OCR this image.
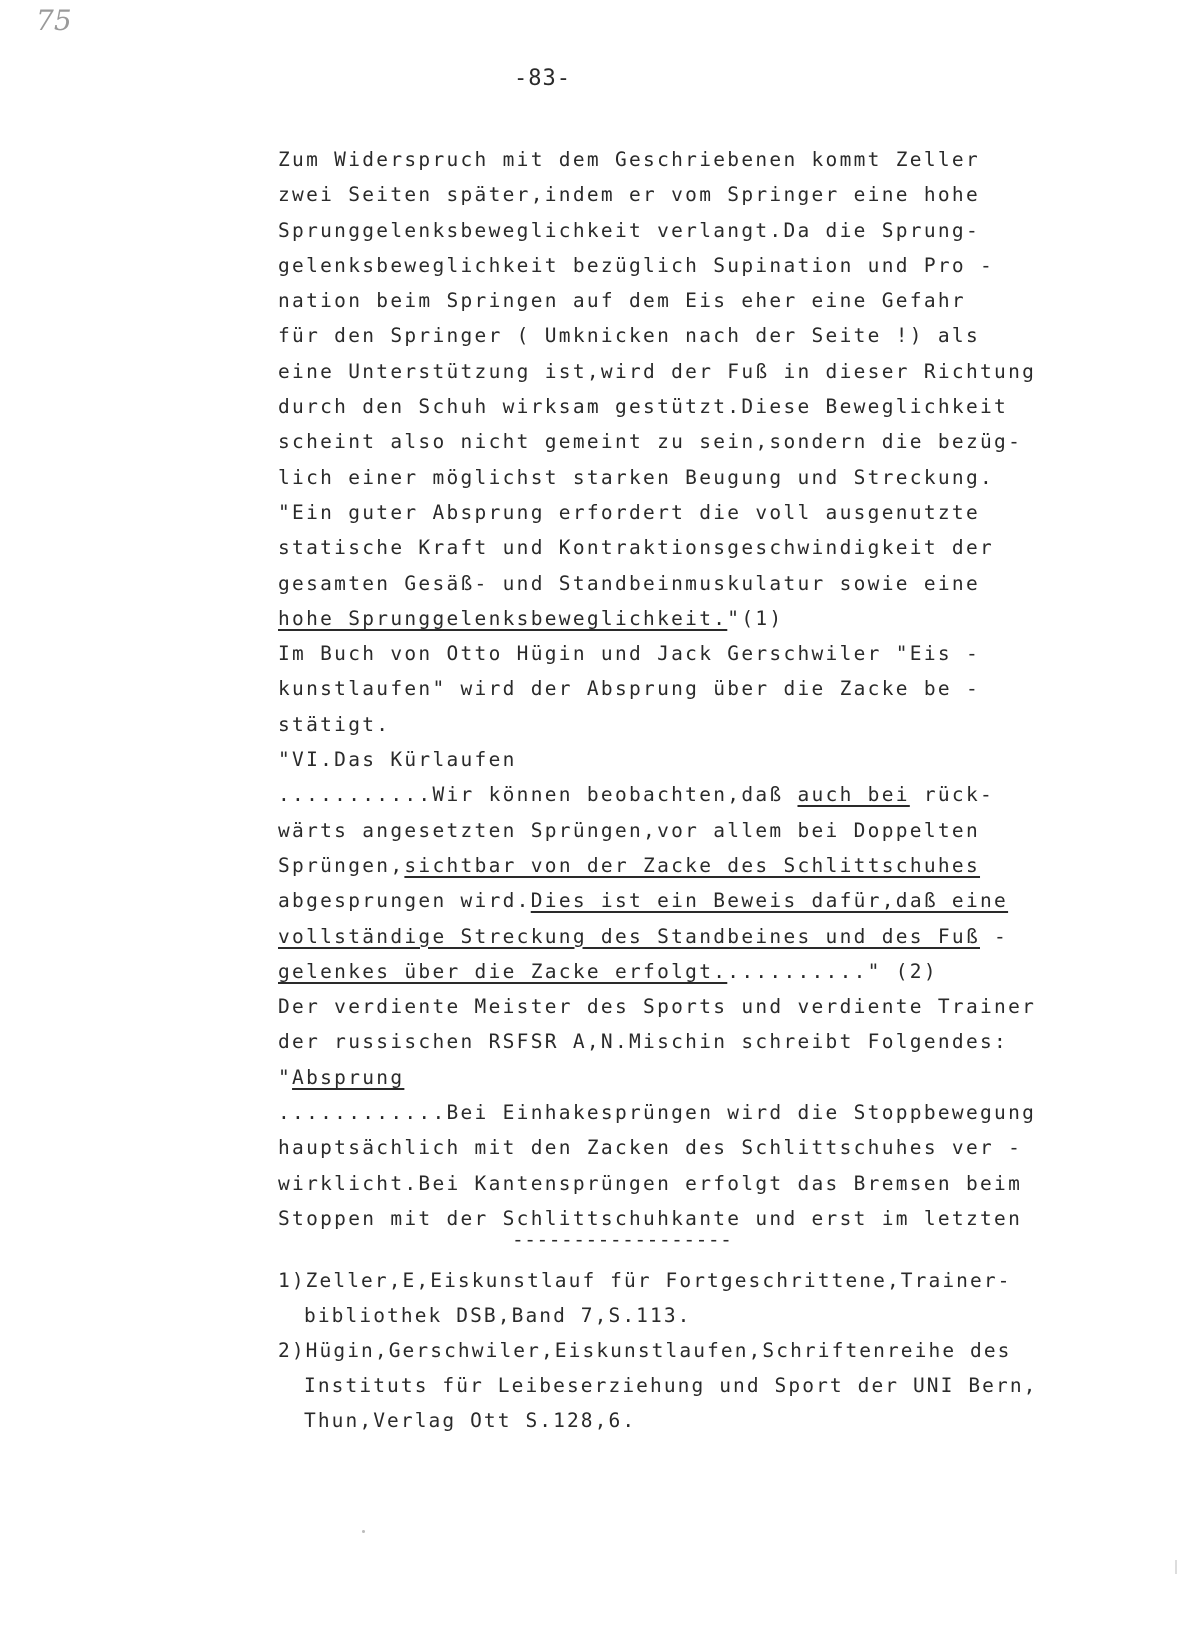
75
-83-
Zum Widerspruch mit dem Geschriebenen kommt Zeller
zwei Seiten später,indem er vom Springer eine hohe
Sprunggelenksbeweglichkeit verlangt.Da die Sprung-
gelenksbeweglichkeit bezüglich Supination und Pro -
nation beim Springen auf dem Eis eher eine Gefahr
für den Springer ( Umknicken nach der Seite !) als
eine Unterstützung ist,wird der Fuß in dieser Richtung
durch den Schuh wirksam gestützt.Diese Beweglichkeit
scheint also nicht gemeint zu sein,sondern die bezüg-
lich einer möglichst starken Beugung und Streckung.
"Ein guter Absprung erfordert die voll ausgenutzte
statische Kraft und Kontraktionsgeschwindigkeit der
gesamten Gesäß- und Standbeinmuskulatur sowie eine
hohe Sprunggelenksbeweglichkeit."(1)
Im Buch von Otto Hügin und Jack Gerschwiler "Eis -
kunstlaufen" wird der Absprung über die Zacke be -
stätigt.
"VI.Das Kürlaufen
...........Wir können beobachten,daß auch bei rück-
wärts angesetzten Sprüngen,vor allem bei Doppelten
Sprüngen,sichtbar von der Zacke des Schlittschuhes
abgesprungen wird.Dies ist ein Beweis dafür,daß eine
vollständige Streckung des Standbeines und des Fuß -
gelenkes über die Zacke erfolgt..........." (2)
Der verdiente Meister des Sports und verdiente Trainer
der russischen RSFSR A,N.Mischin schreibt Folgendes:
"Absprung
............Bei Einhakesprüngen wird die Stoppbewegung
hauptsächlich mit den Zacken des Schlittschuhes ver -
wirklicht.Bei Kantensprüngen erfolgt das Bremsen beim
Stoppen mit der Schlittschuhkante und erst im letzten
------------------
1)Zeller,E,Eiskunstlauf für Fortgeschrittene,Trainer-
bibliothek DSB,Band 7,S.113.
2)Hügin,Gerschwiler,Eiskunstlaufen,Schriftenreihe des
Instituts für Leibeserziehung und Sport der UNI Bern,
Thun,Verlag Ott S.128,6.
